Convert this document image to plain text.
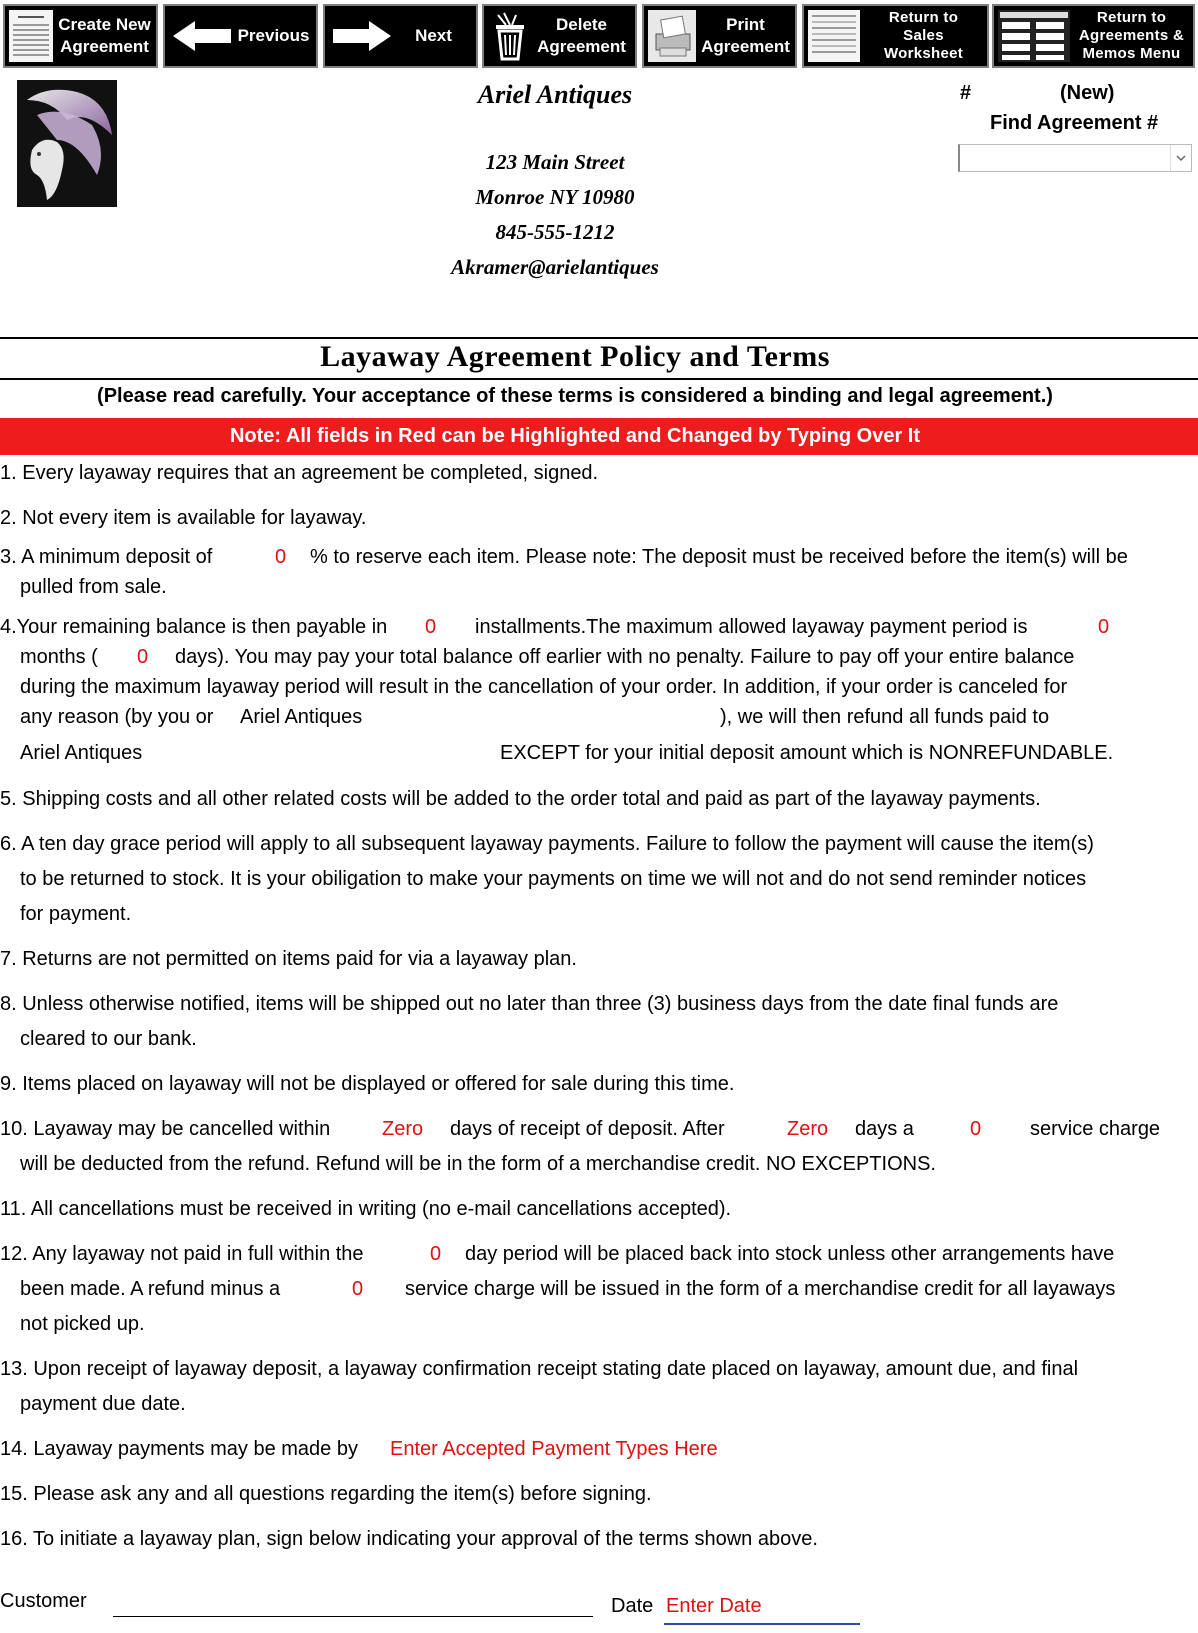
Create New
Agreement
Previous	Next
Delete
Agreement
Print
Agreement
Return to
Sales
Worksheet
Return to
Agreements &
Memos Menu
Ariel Antiques
123 Main Street
Monroe NY 10980
845-555-1212
Akramer@arielantiques
#	(New)
Find Agreement #
Layaway Agreement Policy and Terms
(Please read carefully. Your acceptance of these terms is considered a binding and legal agreement.)
Note: All fields in Red can be Highlighted and Changed by Typing Over It
1. Every layaway requires that an agreement be completed, signed.
2. Not every item is available for layaway.
3. A minimum deposit of	0 % to reserve each item. Please note: The deposit must be received before the item(s) will be
pulled from sale.
4.Your remaining balance is then payable in 0 installments.The maximum allowed layaway payment period is	0
months ( 0 days). You may pay your total balance off earlier with no penalty. Failure to pay off your entire balance
during the maximum layaway period will result in the cancellation of your order. In addition, if your order is canceled for
any reason (by you or Ariel Antiques	), we will then refund all funds paid to
Ariel Antiques	EXCEPT for your initial deposit amount which is NONREFUNDABLE.
5. Shipping costs and all other related costs will be added to the order total and paid as part of the layaway payments.
6. A ten day grace period will apply to all subsequent layaway payments. Failure to follow the payment will cause the item(s)
to be returned to stock. It is your obiligation to make your payments on time we will not and do not send reminder notices
for payment.
7. Returns are not permitted on items paid for via a layaway plan.
8. Unless otherwise notified, items will be shipped out no later than three (3) business days from the date final funds are
cleared to our bank.
9. Items placed on layaway will not be displayed or offered for sale during this time.
10. Layaway may be cancelled within	Zero days of receipt of deposit. After	Zero days a	0 service charge
will be deducted from the refund. Refund will be in the form of a merchandise credit. NO EXCEPTIONS.
11. All cancellations must be received in writing (no e-mail cancellations accepted).
12. Any layaway not paid in full within the	0 day period will be placed back into stock unless other arrangements have
been made. A refund minus a	0 service charge will be issued in the form of a merchandise credit for all layaways
not picked up.
13. Upon receipt of layaway deposit, a layaway confirmation receipt stating date placed on layaway, amount due, and final
payment due date.
14. Layaway payments may be made by Enter Accepted Payment Types Here
15. Please ask any and all questions regarding the item(s) before signing.
16. To initiate a layaway plan, sign below indicating your approval of the terms shown above.
Customer	Date Enter Date
